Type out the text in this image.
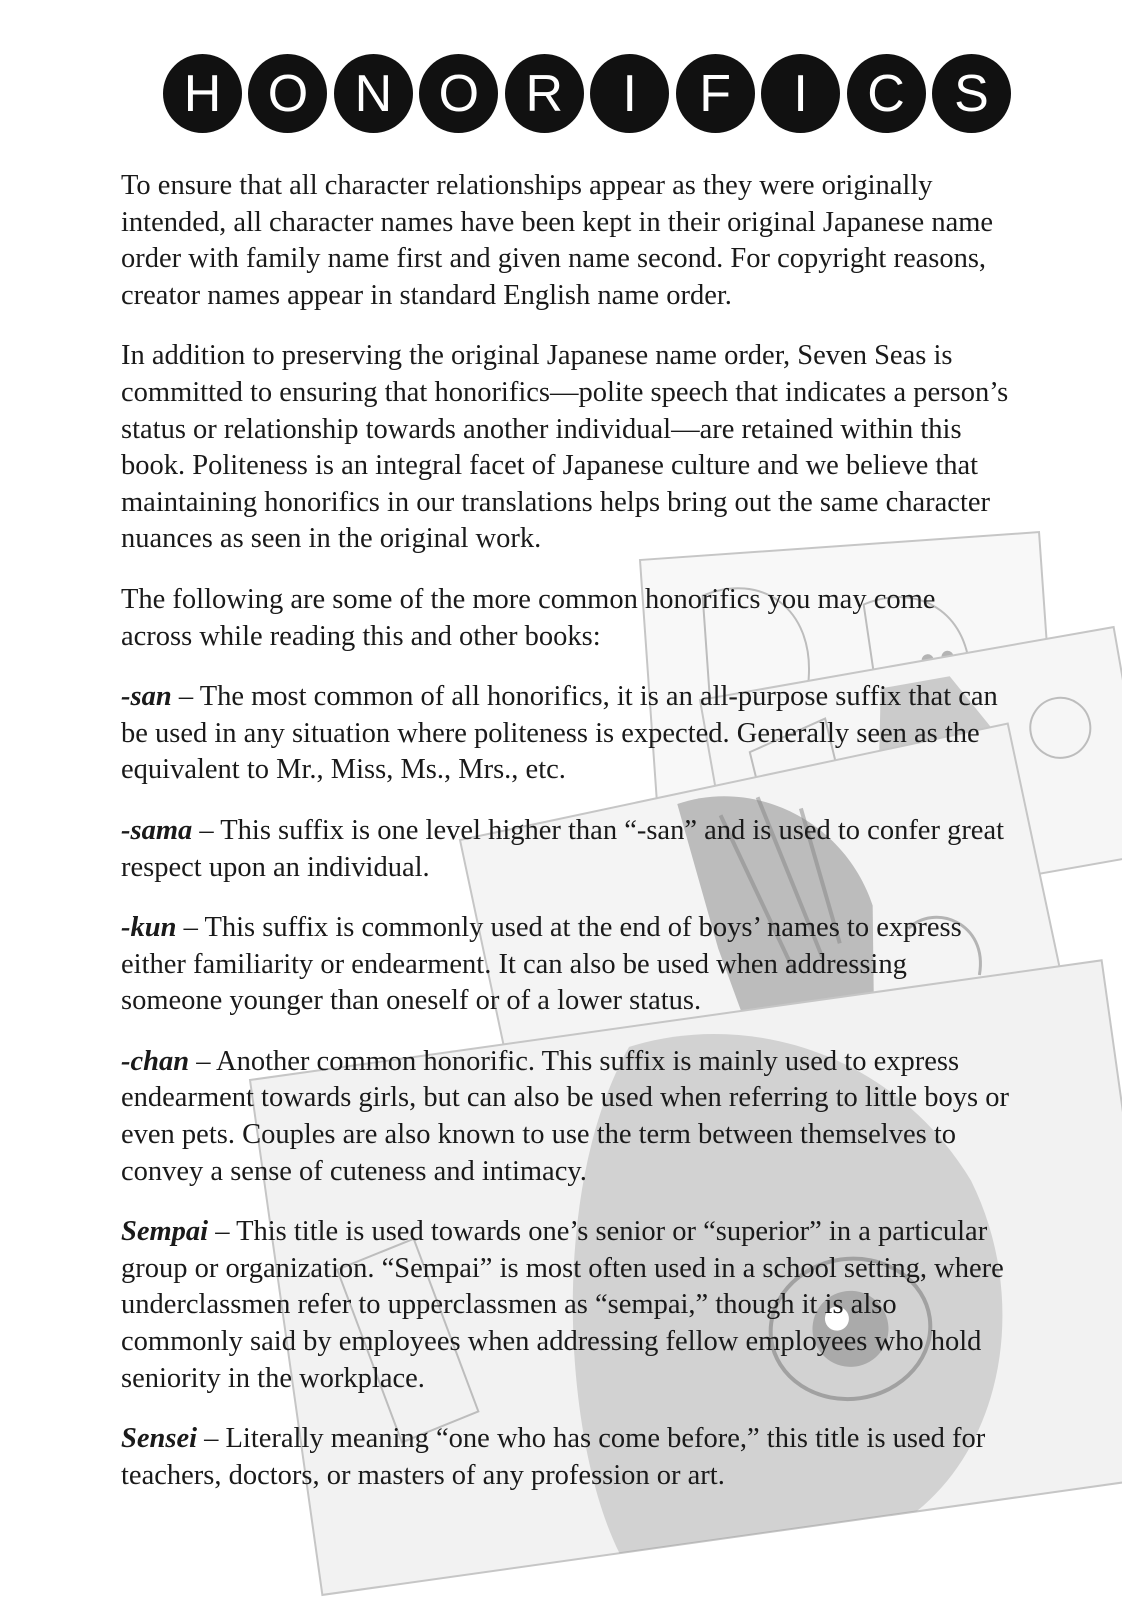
H O N O R	I	F	I	C S

To ensure that all character relationships appear as they were originally intended, all character names have been kept in their original Japanese name order with family name first and given name second. For copyright reasons, creator names appear in standard English name order.

In addition to preserving the original Japanese name order, Seven Seas is committed to ensuring that honorifics—polite speech that indicates a person’s status or relationship towards another individual—are retained within this book. Politeness is an integral facet of Japanese culture and we believe that maintaining honorifics in our translations helps bring out the same character nuances as seen in the original work.

The following are some of the more common honorifics you may come across while reading this and other books:

-san – The most common of all honorifics, it is an all-purpose suffix that can be used in any situation where politeness is expected. Generally seen as the equivalent to Mr., Miss, Ms., Mrs., etc.

-sama – This suffix is one level higher than “-san” and is used to confer great respect upon an individual.

-kun – This suffix is commonly used at the end of boys’ names to express either familiarity or endearment. It can also be used when addressing someone younger than oneself or of a lower status.

-chan – Another common honorific. This suffix is mainly used to express endearment towards girls, but can also be used when referring to little boys or even pets. Couples are also known to use the term between themselves to convey a sense of cuteness and intimacy.

Sempai – This title is used towards one’s senior or “superior” in a particular group or organization. “Sempai” is most often used in a school setting, where underclassmen refer to upperclassmen as “sempai,” though it is also commonly said by employees when addressing fellow employees who hold seniority in the workplace.

Sensei – Literally meaning “one who has come before,” this title is used for teachers, doctors, or masters of any profession or art.
